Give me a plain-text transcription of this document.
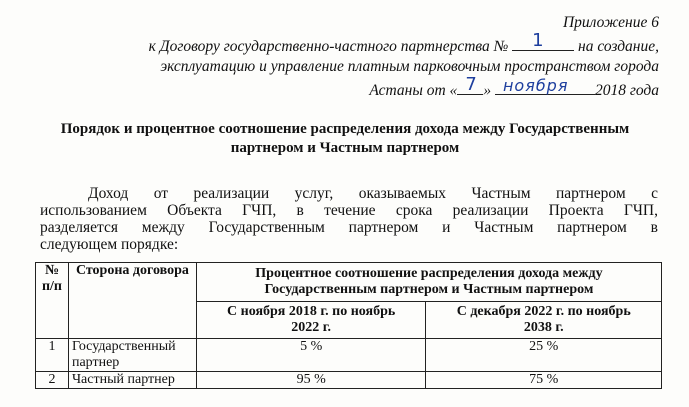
Приложение 6
к Договору государственно-частного партнерства № 1 на создание,
эксплуатацию и управление платным парковочным пространством города
Астаны от « 7 » ноября 2018 года
Порядок и процентное соотношение распределения дохода между Государственным
партнером и Частным партнером
Доход от реализации услуг, оказываемых Частным партнером с
использованием Объекта ГЧП, в течение срока реализации Проекта ГЧП,
разделяется между Государственным партнером и Частным партнером в
следующем порядке:
№ п/п	Сторона договора	Процентное соотношение распределения дохода между Государственным партнером и Частным партнером	
		С ноября 2018 г. по ноябрь 2022 г.	С декабря 2022 г. по ноябрь 2038 г.
1	Государственный партнер	5 %	25 %
2	Частный партнер	95 %	75 %
